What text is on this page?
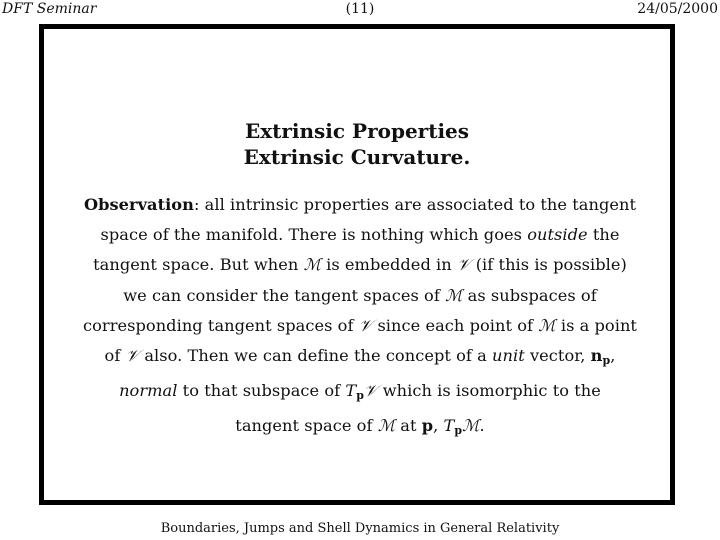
DFT Seminar	(11)	24/05/2000
Extrinsic Properties
Extrinsic Curvature.
Observation: all intrinsic properties are associated to the tangent
space of the manifold. There is nothing which goes outside the
tangent space. But when ℳ is embedded in 𝒱 (if this is possible)
we can consider the tangent spaces of ℳ as subspaces of
corresponding tangent spaces of 𝒱 since each point of ℳ is a point
of 𝒱 also. Then we can define the concept of a unit vector, np,
normal to that subspace of Tp𝒱 which is isomorphic to the
tangent space of ℳ at p, Tpℳ.
Boundaries, Jumps and Shell Dynamics in General Relativity
